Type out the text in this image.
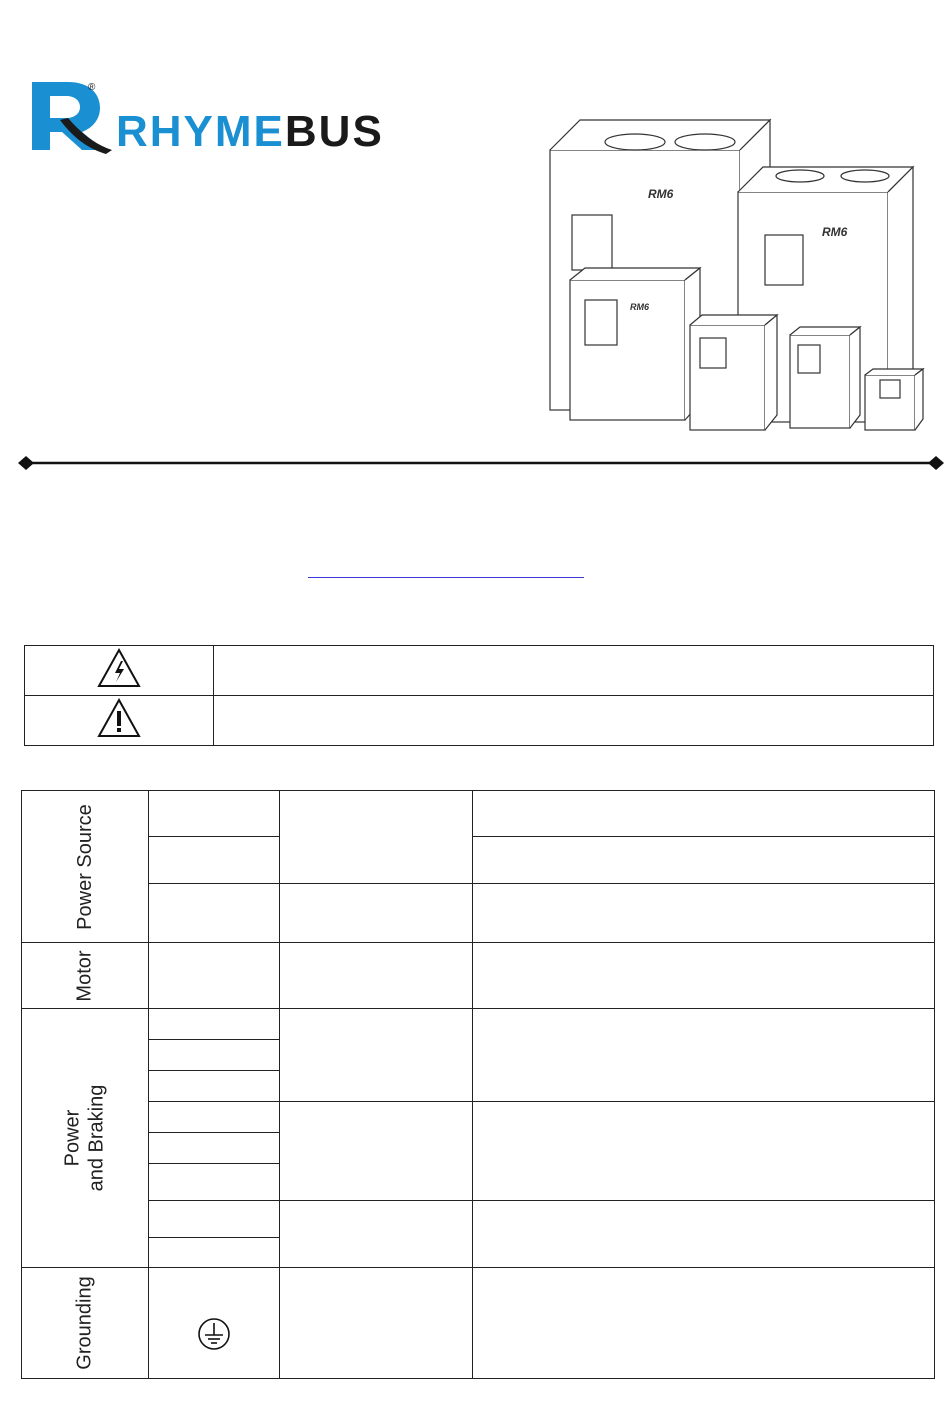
®
RHYMEBUS
RM6
RM6
RM6

Power Source			

Motor			
Power and Braking			

Grounding			
